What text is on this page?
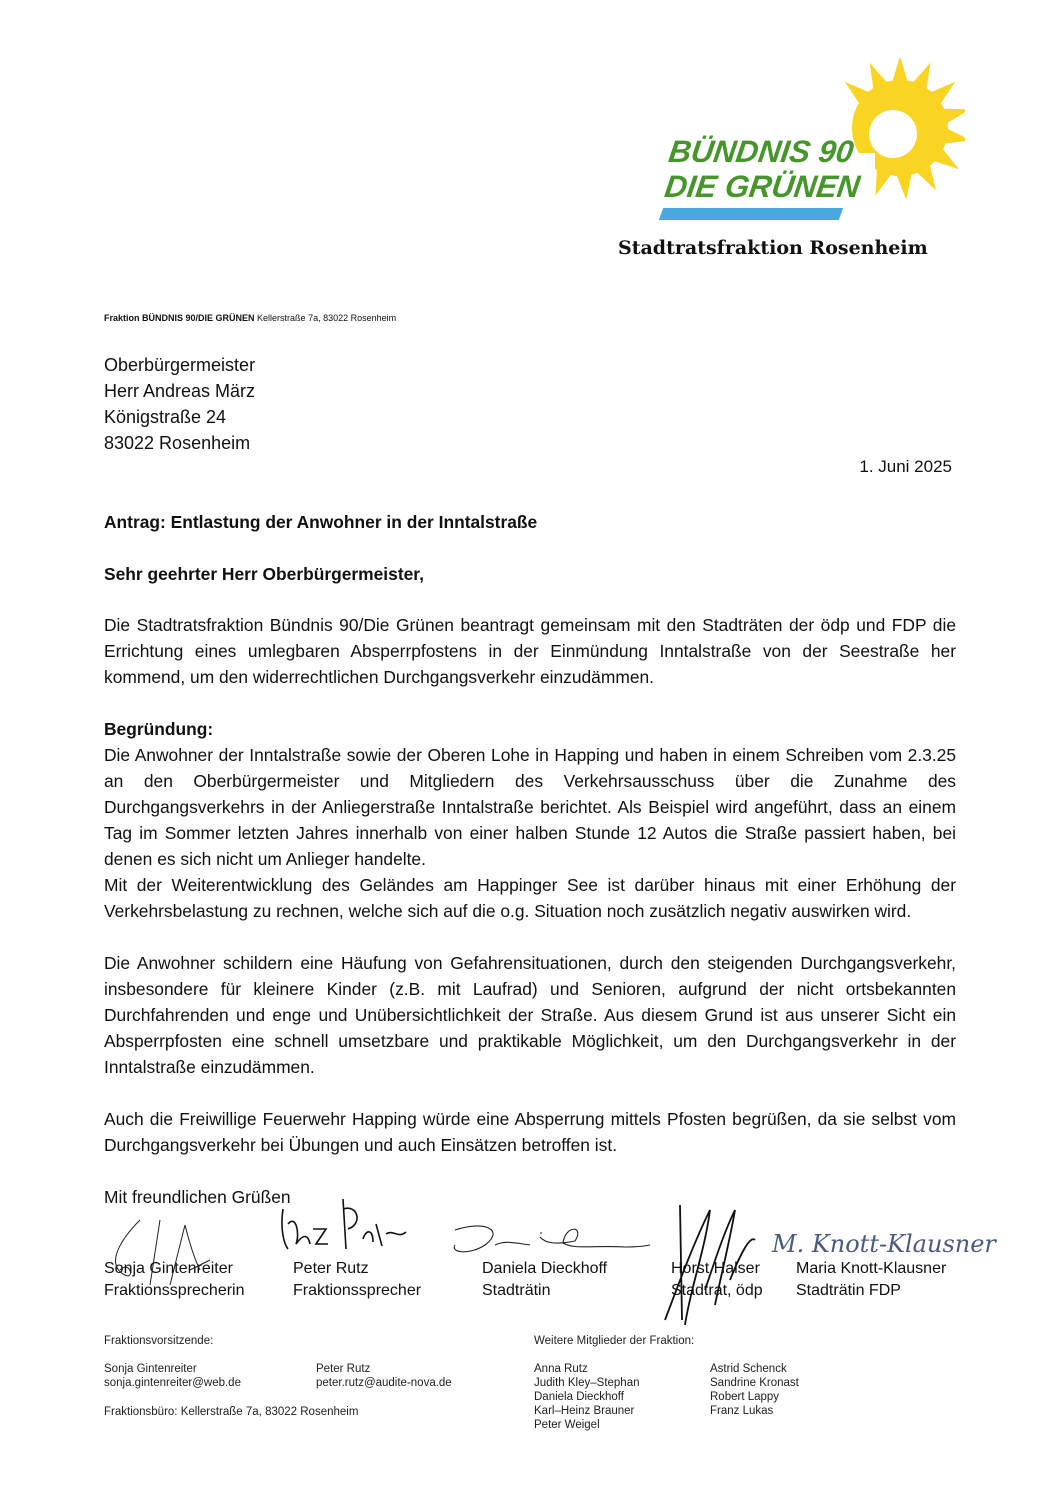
BÜNDNIS 90
DIE GRÜNEN
Stadtratsfraktion Rosenheim
Fraktion BÜNDNIS 90/DIE GRÜNEN Kellerstraße 7a, 83022 Rosenheim
Oberbürgermeister
Herr Andreas März
Königstraße 24
83022 Rosenheim
1. Juni 2025
Antrag: Entlastung der Anwohner in der Inntalstraße
Sehr geehrter Herr Oberbürgermeister,
Die Stadtratsfraktion Bündnis 90/Die Grünen beantragt gemeinsam mit den Stadträten der ödp und FDP die Errichtung eines umlegbaren Absperrpfostens in der Einmündung Inntalstraße von der Seestraße her kommend, um den widerrechtlichen Durchgangsverkehr einzudämmen.
Begründung:
Die Anwohner der Inntalstraße sowie der Oberen Lohe in Happing und haben in einem Schreiben vom 2.3.25 an den Oberbürgermeister und Mitgliedern des Verkehrsausschuss über die Zunahme des Durchgangsverkehrs in der Anliegerstraße Inntalstraße berichtet. Als Beispiel wird angeführt, dass an einem Tag im Sommer letzten Jahres innerhalb von einer halben Stunde 12 Autos die Straße passiert haben, bei denen es sich nicht um Anlieger handelte.
Mit der Weiterentwicklung des Geländes am Happinger See ist darüber hinaus mit einer Erhöhung der Verkehrsbelastung zu rechnen, welche sich auf die o.g. Situation noch zusätzlich negativ auswirken wird.
Die Anwohner schildern eine Häufung von Gefahrensituationen, durch den steigenden Durchgangsverkehr, insbesondere für kleinere Kinder (z.B. mit Laufrad) und Senioren, aufgrund der nicht ortsbekannten Durchfahrenden und enge und Unübersichtlichkeit der Straße. Aus diesem Grund ist aus unserer Sicht ein Absperrpfosten eine schnell umsetzbare und praktikable Möglichkeit, um den Durchgangsverkehr in der Inntalstraße einzudämmen.
Auch die Freiwillige Feuerwehr Happing würde eine Absperrung mittels Pfosten begrüßen, da sie selbst vom Durchgangsverkehr bei Übungen und auch Einsätzen betroffen ist.
Mit freundlichen Grüßen
Sonja Gintenreiter
Fraktionssprecherin
Peter Rutz
Fraktionssprecher
Daniela Dieckhoff
Stadträtin
Horst Halser
Stadtrat, ödp
Maria Knott-Klausner
Stadträtin FDP
M. Knott-Klausner
Fraktionsvorsitzende:
Sonja Gintenreiter
sonja.gintenreiter@web.de
Peter Rutz
peter.rutz@audite-nova.de
Fraktionsbüro: Kellerstraße 7a, 83022 Rosenheim
Weitere Mitglieder der Fraktion:
Anna Rutz
Judith Kley–Stephan
Daniela Dieckhoff
Karl–Heinz Brauner
Peter Weigel
Astrid Schenck
Sandrine Kronast
Robert Lappy
Franz Lukas
